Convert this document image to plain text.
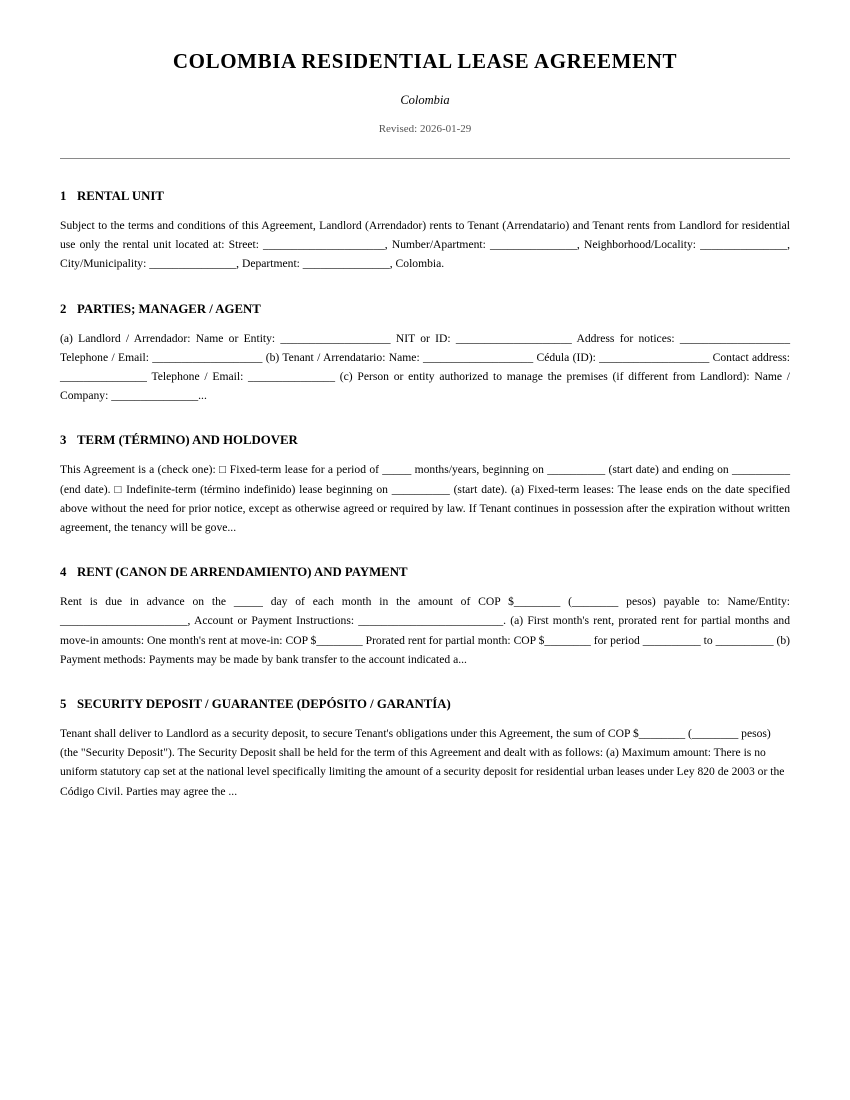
COLOMBIA RESIDENTIAL LEASE AGREEMENT

Colombia

Revised: 2026-01-29

1 RENTAL UNIT

Subject to the terms and conditions of this Agreement, Landlord (Arrendador) rents to Tenant (Arrendatario) and Tenant rents from Landlord for residential use only the rental unit located at: Street: _____________________, Number/Apartment: _______________, Neighborhood/Locality: _______________, City/Municipality: _______________, Department: _______________, Colombia.

2 PARTIES; MANAGER / AGENT

(a) Landlord / Arrendador: Name or Entity: ___________________ NIT or ID: ____________________ Address for notices: ___________________ Telephone / Email: ___________________ (b) Tenant / Arrendatario: Name: ___________________ Cédula (ID): ___________________ Contact address: _______________ Telephone / Email: _______________ (c) Person or entity authorized to manage the premises (if different from Landlord): Name / Company: _______________...

3 TERM (TÉRMINO) AND HOLDOVER

This Agreement is a (check one): □ Fixed-term lease for a period of _____ months/years, beginning on __________ (start date) and ending on __________ (end date). □ Indefinite-term (término indefinido) lease beginning on __________ (start date). (a) Fixed-term leases: The lease ends on the date specified above without the need for prior notice, except as otherwise agreed or required by law. If Tenant continues in possession after the expiration without written agreement, the tenancy will be gove...

4 RENT (CANON DE ARRENDAMIENTO) AND PAYMENT

Rent is due in advance on the _____ day of each month in the amount of COP $________ (________ pesos) payable to: Name/Entity: ______________________, Account or Payment Instructions: _________________________. (a) First month's rent, prorated rent for partial months and move-in amounts: One month's rent at move-in: COP $________ Prorated rent for partial month: COP $________ for period __________ to __________ (b) Payment methods: Payments may be made by bank transfer to the account indicated a...

5 SECURITY DEPOSIT / GUARANTEE (DEPÓSITO / GARANTÍA)

Tenant shall deliver to Landlord as a security deposit, to secure Tenant's obligations under this Agreement, the sum of COP $________ (________ pesos) (the "Security Deposit"). The Security Deposit shall be held for the term of this Agreement and dealt with as follows: (a) Maximum amount: There is no uniform statutory cap set at the national level specifically limiting the amount of a security deposit for residential urban leases under Ley 820 de 2003 or the Código Civil. Parties may agree the ...
